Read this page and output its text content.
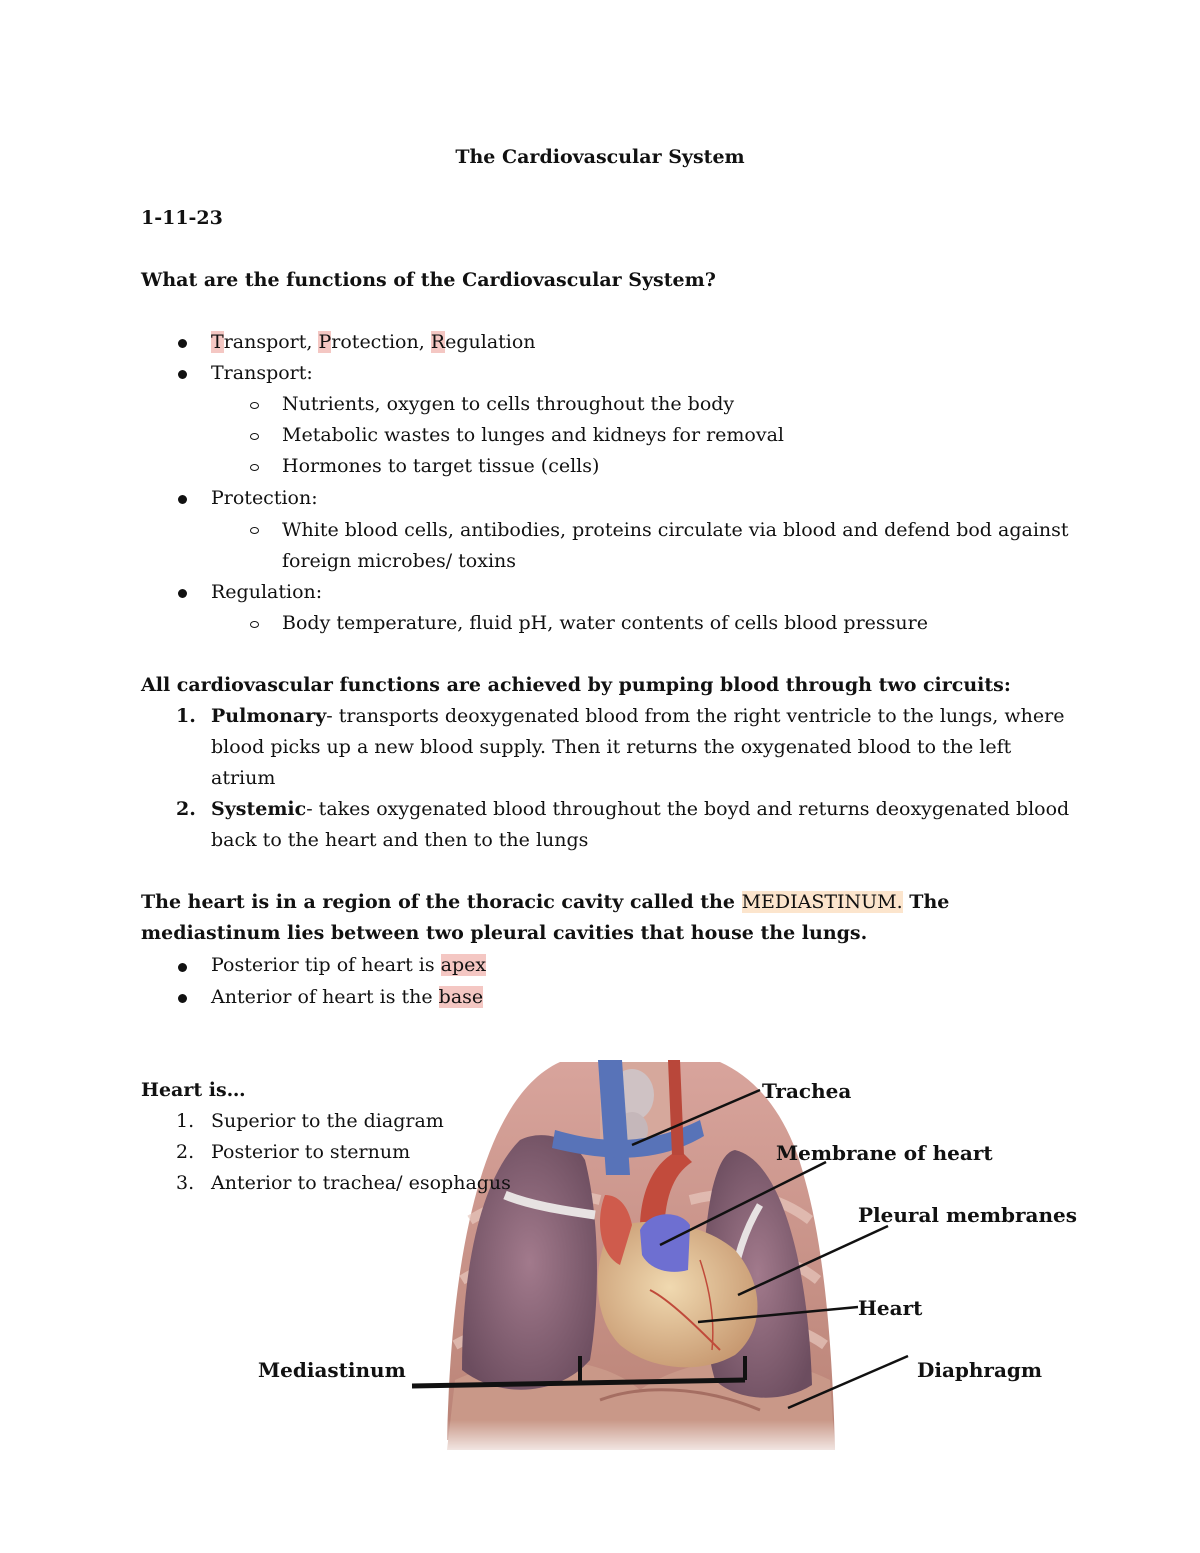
The Cardiovascular System
1-11-23
What are the functions of the Cardiovascular System?
Transport, Protection, Regulation
Transport:
Nutrients, oxygen to cells throughout the body
Metabolic wastes to lunges and kidneys for removal
Hormones to target tissue (cells)
Protection:
White blood cells, antibodies, proteins circulate via blood and defend bod against
foreign microbes/ toxins
Regulation:
Body temperature, fluid pH, water contents of cells blood pressure
All cardiovascular functions are achieved by pumping blood through two circuits:
1. Pulmonary- transports deoxygenated blood from the right ventricle to the lungs, where
blood picks up a new blood supply. Then it returns the oxygenated blood to the left
atrium
2. Systemic- takes oxygenated blood throughout the boyd and returns deoxygenated blood
back to the heart and then to the lungs
The heart is in a region of the thoracic cavity called the MEDIASTINUM. The
mediastinum lies between two pleural cavities that house the lungs.
Posterior tip of heart is apex
Anterior of heart is the base
Heart is…
1. Superior to the diagram
2. Posterior to sternum
3. Anterior to trachea/ esophagus
Trachea
Membrane of heart
Pleural membranes
Heart
Mediastinum	Diaphragm
